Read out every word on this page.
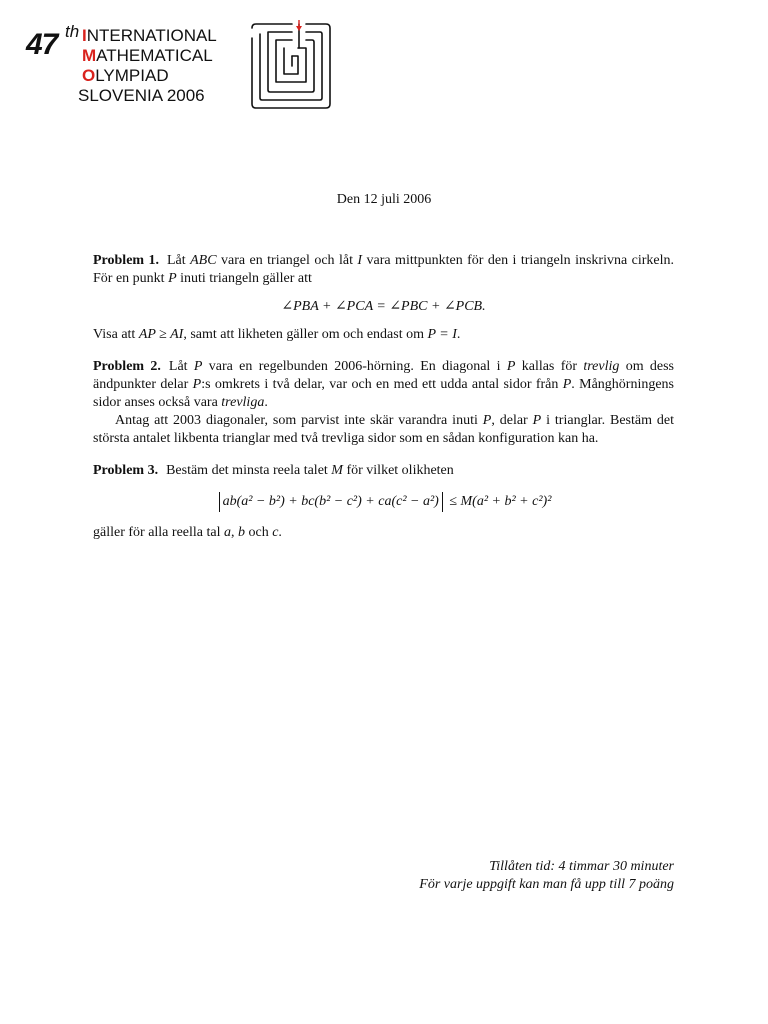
47 th INTERNATIONAL
MATHEMATICAL
OLYMPIAD
SLOVENIA 2006
Den 12 juli 2006
Problem 1. Låt ABC vara en triangel och låt I vara mittpunkten för den i triangeln inskrivna cirkeln. För en punkt P inuti triangeln gäller att
∠PBA + ∠PCA = ∠PBC + ∠PCB.
Visa att AP ≥ AI, samt att likheten gäller om och endast om P = I.
Problem 2. Låt P vara en regelbunden 2006-hörning. En diagonal i P kallas för trevlig om dess ändpunkter delar P:s omkrets i två delar, var och en med ett udda antal sidor från P. Månghörningens sidor anses också vara trevliga.
Antag att 2003 diagonaler, som parvist inte skär varandra inuti P, delar P i trianglar. Bestäm det största antalet likbenta trianglar med två trevliga sidor som en sådan konfiguration kan ha.
Problem 3. Bestäm det minsta reela talet M för vilket olikheten
ab(a² − b²) + bc(b² − c²) + ca(c² − a²) ≤ M(a² + b² + c²)²
gäller för alla reella tal a, b och c.
Tillåten tid: 4 timmar 30 minuter
För varje uppgift kan man få upp till 7 poäng
